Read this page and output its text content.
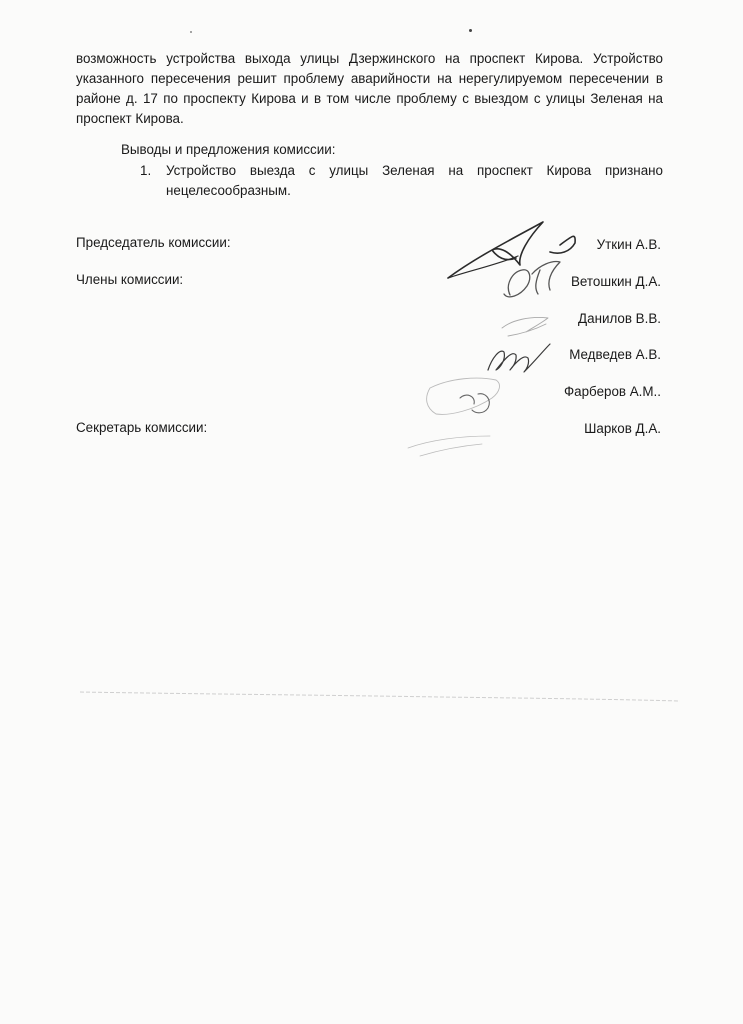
возможность устройства выхода улицы Дзержинского на проспект Кирова. Устройство
указанного пересечения решит проблему аварийности на нерегулируемом пересечении в
районе д. 17 по проспекту Кирова и в том числе проблему с выездом с улицы Зеленая на
проспект Кирова.
Выводы и предложения комиссии:
1. Устройство выезда с улицы Зеленая на проспект Кирова признано
нецелесообразным.
Председатель комиссии:
Члены комиссии:
Секретарь комиссии:
Уткин А.В.
Ветошкин Д.А.
Данилов В.В.
Медведев А.В.
Фарберов А.М..
Шарков Д.А.
